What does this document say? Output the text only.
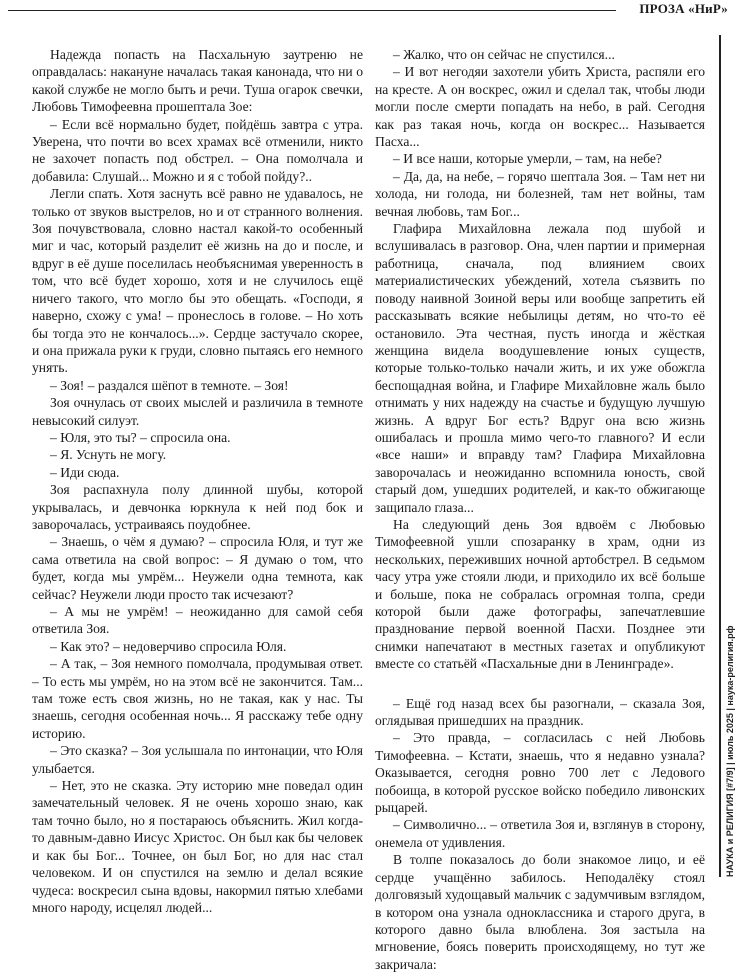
ПРОЗА «НиР»

Надежда попасть на Пасхальную заутреню не оправдалась: накануне началась такая канонада, что ни о какой службе не могло быть и речи. Туша огарок свечки, Любовь Тимофеевна прошептала Зое:

– Если всё нормально будет, пойдёшь завтра с утра. Уверена, что почти во всех храмах всё отменили, никто не захочет попасть под обстрел. – Она помолчала и добавила: Слушай... Можно и я с тобой пойду?..

Легли спать. Хотя заснуть всё равно не удавалось, не только от звуков выстрелов, но и от странного волнения. Зоя почувствовала, словно настал какой-то особенный миг и час, который разделит её жизнь на до и после, и вдруг в её душе поселилась необъяснимая уверенность в том, что всё будет хорошо, хотя и не случилось ещё ничего такого, что могло бы это обещать. «Господи, я наверно, схожу с ума! – пронеслось в голове. – Но хоть бы тогда это не кончалось...». Сердце застучало скорее, и она прижала руки к груди, словно пытаясь его немного унять.

– Зоя! – раздался шёпот в темноте. – Зоя!

Зоя очнулась от своих мыслей и различила в темноте невысокий силуэт.

– Юля, это ты? – спросила она.

– Я. Уснуть не могу.

– Иди сюда.

Зоя распахнула полу длинной шубы, которой укрывалась, и девчонка юркнула к ней под бок и заворочалась, устраиваясь поудобнее.

– Знаешь, о чём я думаю? – спросила Юля, и тут же сама ответила на свой вопрос: – Я думаю о том, что будет, когда мы умрём... Неужели одна темнота, как сейчас? Неужели люди просто так исчезают?

– А мы не умрём! – неожиданно для самой себя ответила Зоя.

– Как это? – недоверчиво спросила Юля.

– А так, – Зоя немного помолчала, продумывая ответ. – То есть мы умрём, но на этом всё не закончится. Там... там тоже есть своя жизнь, но не такая, как у нас. Ты знаешь, сегодня особенная ночь... Я расскажу тебе одну историю.

– Это сказка? – Зоя услышала по интонации, что Юля улыбается.

– Нет, это не сказка. Эту историю мне поведал один замечательный человек. Я не очень хорошо знаю, как там точно было, но я постараюсь объяснить. Жил когда-то давным-давно Иисус Христос. Он был как бы человек и как бы Бог... Точнее, он был Бог, но для нас стал человеком. И он спустился на землю и делал всякие чудеса: воскресил сына вдовы, накормил пятью хлебами много народу, исцелял людей...

– Жалко, что он сейчас не спустился...

– И вот негодяи захотели убить Христа, распяли его на кресте. А он воскрес, ожил и сделал так, чтобы люди могли после смерти попадать на небо, в рай. Сегодня как раз такая ночь, когда он воскрес... Называется Пасха...

– И все наши, которые умерли, – там, на небе?

– Да, да, на небе, – горячо шептала Зоя. – Там нет ни холода, ни голода, ни болезней, там нет войны, там вечная любовь, там Бог...

Глафира Михайловна лежала под шубой и вслушивалась в разговор. Она, член партии и примерная работница, сначала, под влиянием своих материалистических убеждений, хотела съязвить по поводу наивной Зоиной веры или вообще запретить ей рассказывать всякие небылицы детям, но что-то её остановило. Эта честная, пусть иногда и жёсткая женщина видела воодушевление юных существ, которые только-только начали жить, и их уже обожгла беспощадная война, и Глафире Михайловне жаль было отнимать у них надежду на счастье и будущую лучшую жизнь. А вдруг Бог есть? Вдруг она всю жизнь ошибалась и прошла мимо чего-то главного? И если «все наши» и вправду там? Глафира Михайловна заворочалась и неожиданно вспомнила юность, свой старый дом, ушедших родителей, и как-то обжигающе защипало глаза...

На следующий день Зоя вдвоём с Любовью Тимофеевной ушли спозаранку в храм, одни из нескольких, переживших ночной артобстрел. В седьмом часу утра уже стояли люди, и приходило их всё больше и больше, пока не собралась огромная толпа, среди которой были даже фотографы, запечатлевшие празднование первой военной Пасхи. Позднее эти снимки напечатают в местных газетах и опубликуют вместе со статьёй «Пасхальные дни в Ленинграде».

– Ещё год назад всех бы разогнали, – сказала Зоя, оглядывая пришедших на праздник.

– Это правда, – согласилась с ней Любовь Тимофеевна. – Кстати, знаешь, что я недавно узнала? Оказывается, сегодня ровно 700 лет с Ледового побоища, в которой русское войско победило ливонских рыцарей.

– Символично... – ответила Зоя и, взглянув в сторону, онемела от удивления.

В толпе показалось до боли знакомое лицо, и её сердце учащённо забилось. Неподалёку стоял долговязый худощавый мальчик с задумчивым взглядом, в котором она узнала одноклассника и старого друга, в которого давно была влюблена. Зоя застыла на мгновение, боясь поверить происходящему, но тут же закричала:

НАУКА и РЕЛИГИЯ [#7/9] | июль 2025 | наука-религия.рф
